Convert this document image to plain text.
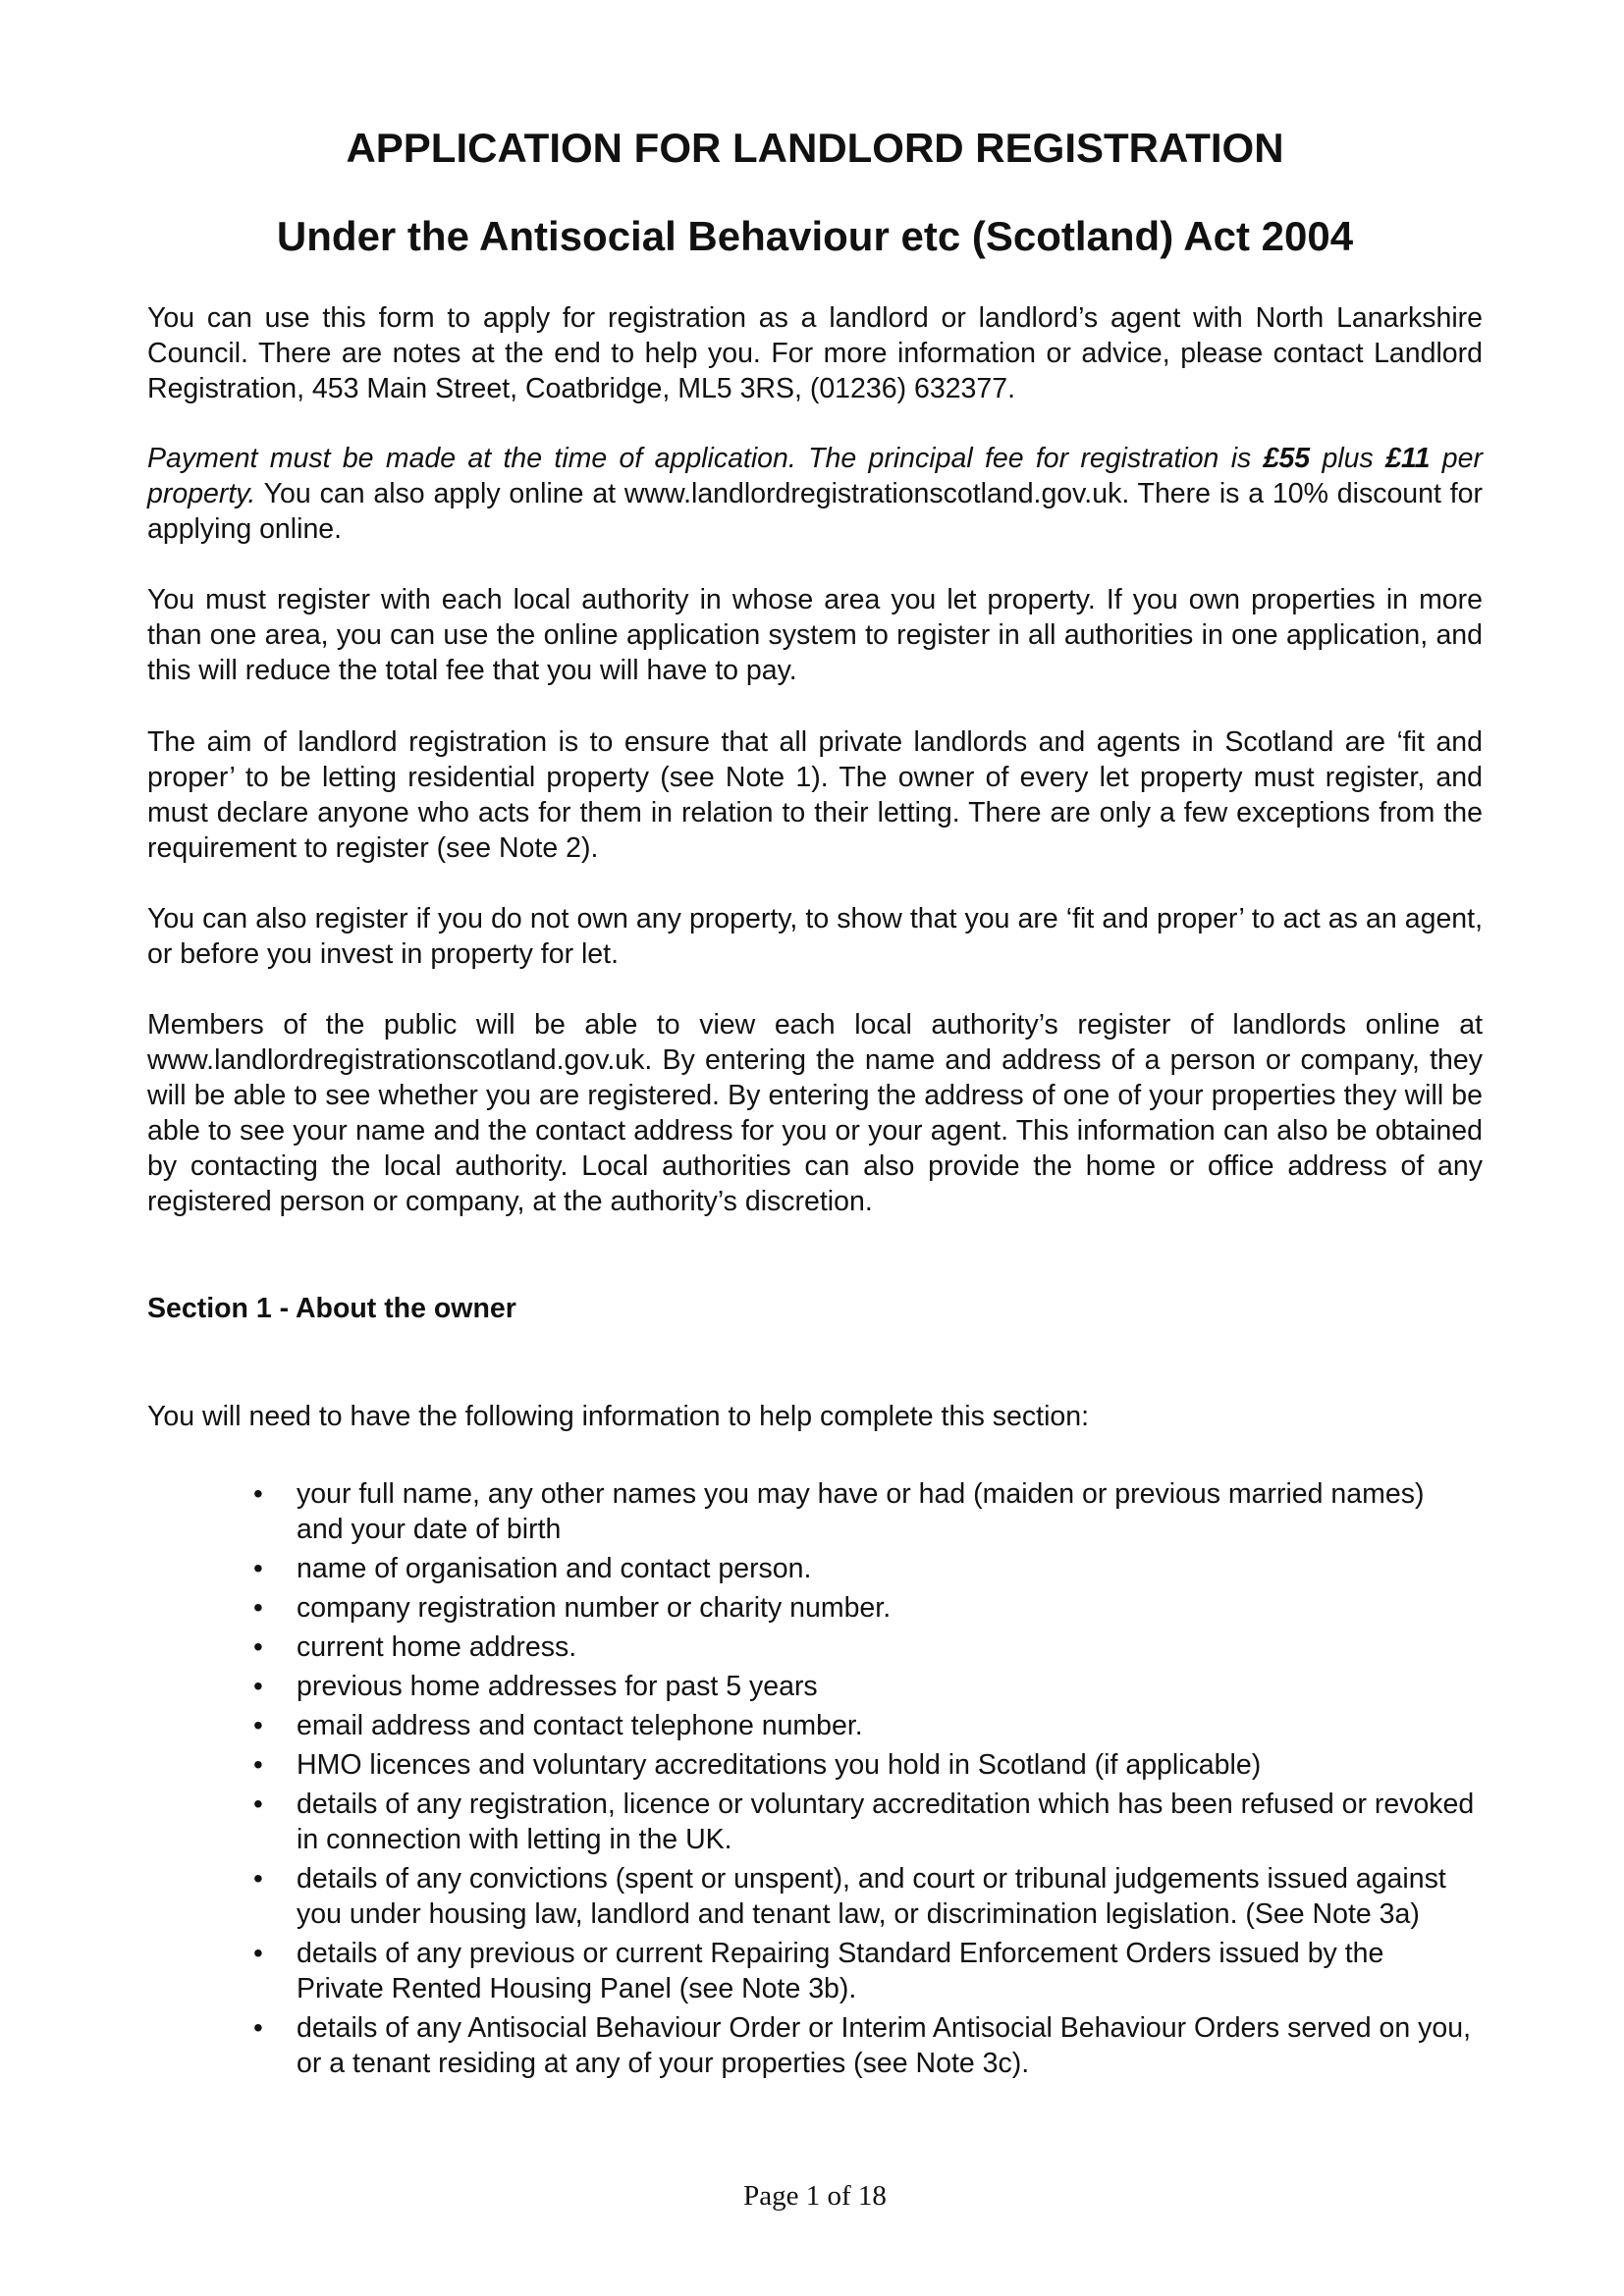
APPLICATION FOR LANDLORD REGISTRATION
Under the Antisocial Behaviour etc (Scotland) Act 2004

You can use this form to apply for registration as a landlord or landlord’s agent with North Lanarkshire Council. There are notes at the end to help you. For more information or advice, please contact Landlord Registration, 453 Main Street, Coatbridge, ML5 3RS, (01236) 632377.

Payment must be made at the time of application. The principal fee for registration is £55 plus £11 per property. You can also apply online at www.landlordregistrationscotland.gov.uk. There is a 10% discount for applying online.

You must register with each local authority in whose area you let property. If you own properties in more than one area, you can use the online application system to register in all authorities in one application, and this will reduce the total fee that you will have to pay.

The aim of landlord registration is to ensure that all private landlords and agents in Scotland are ‘fit and proper’ to be letting residential property (see Note 1). The owner of every let property must register, and must declare anyone who acts for them in relation to their letting. There are only a few exceptions from the requirement to register (see Note 2).

You can also register if you do not own any property, to show that you are ‘fit and proper’ to act as an agent, or before you invest in property for let.

Members of the public will be able to view each local authority’s register of landlords online at www.landlordregistrationscotland.gov.uk. By entering the name and address of a person or company, they will be able to see whether you are registered. By entering the address of one of your properties they will be able to see your name and the contact address for you or your agent. This information can also be obtained by contacting the local authority. Local authorities can also provide the home or office address of any registered person or company, at the authority’s discretion.

Section 1 - About the owner

You will need to have the following information to help complete this section:

• your full name, any other names you may have or had (maiden or previous married names) and your date of birth
• name of organisation and contact person.
• company registration number or charity number.
• current home address.
• previous home addresses for past 5 years
• email address and contact telephone number.
• HMO licences and voluntary accreditations you hold in Scotland (if applicable)
• details of any registration, licence or voluntary accreditation which has been refused or revoked in connection with letting in the UK.
• details of any convictions (spent or unspent), and court or tribunal judgements issued against you under housing law, landlord and tenant law, or discrimination legislation. (See Note 3a)
• details of any previous or current Repairing Standard Enforcement Orders issued by the Private Rented Housing Panel (see Note 3b).
• details of any Antisocial Behaviour Order or Interim Antisocial Behaviour Orders served on you, or a tenant residing at any of your properties (see Note 3c).

Page 1 of 18
